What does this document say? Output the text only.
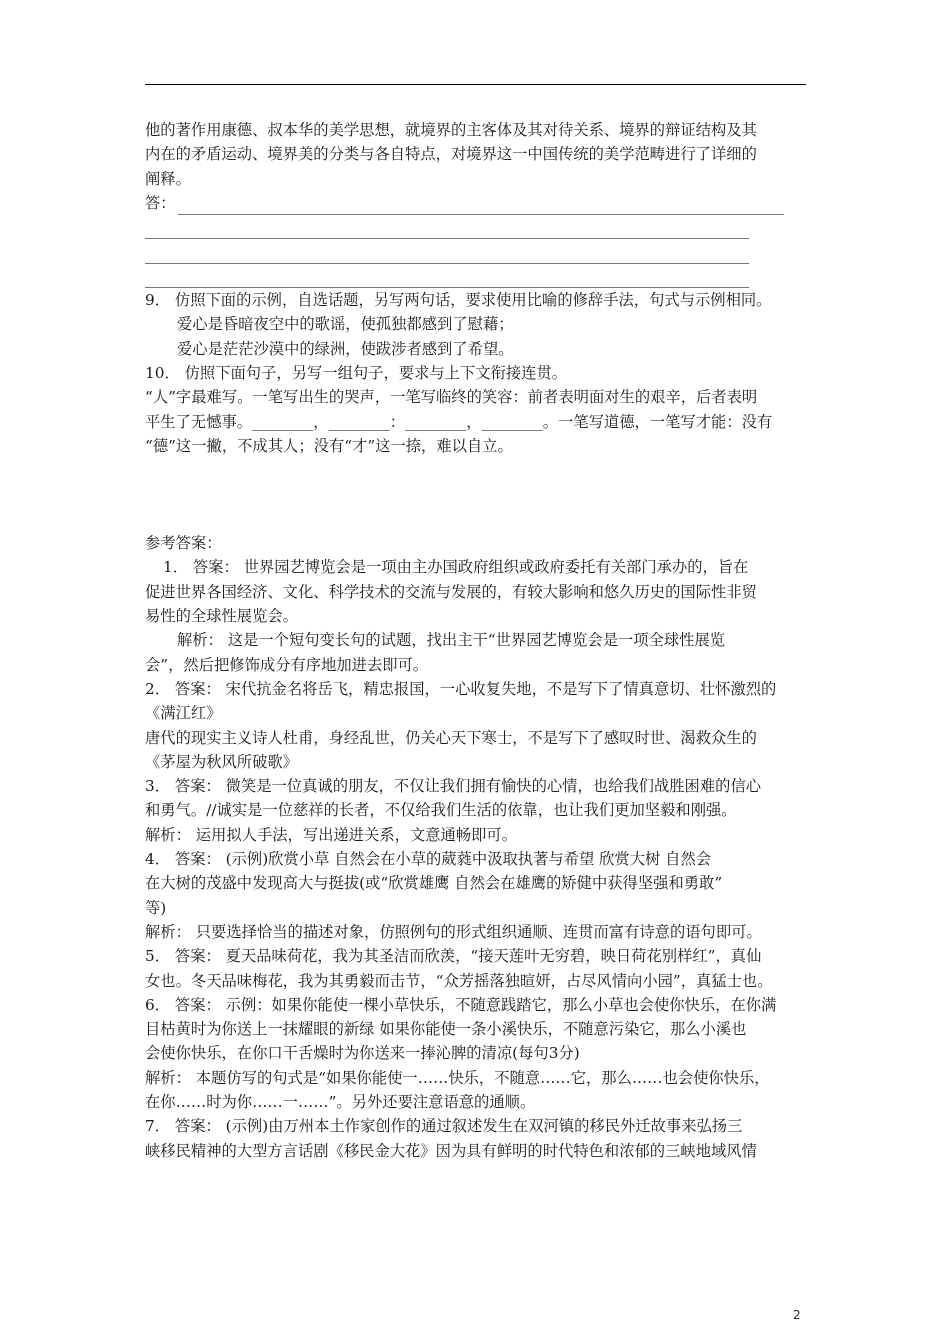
他的著作用康德、叔本华的美学思想，就境界的主客体及其对待关系、境界的辩证结构及其

内在的矛盾运动、境界美的分类与各自特点，对境界这一中国传统的美学范畴进行了详细的

阐释。

答：

9． 仿照下面的示例，自选话题，另写两句话，要求使用比喻的修辞手法，句式与示例相同。

爱心是昏暗夜空中的歌谣，使孤独都感到了慰藉；

爱心是茫茫沙漠中的绿洲，使跋涉者感到了希望。

10． 仿照下面句子，另写一组句子，要求与上下文衔接连贯。

“人”字最难写。一笔写出生的哭声，一笔写临终的笑容：前者表明面对生的艰辛，后者表明

平生了无憾事。________，________：________，________。一笔写道德，一笔写才能：没有

“德”这一撇，不成其人；没有“才”这一捺，难以自立。

参考答案：

1． 答案： 世界园艺博览会是一项由主办国政府组织或政府委托有关部门承办的，旨在

促进世界各国经济、文化、科学技术的交流与发展的，有较大影响和悠久历史的国际性非贸

易性的全球性展览会。

解析： 这是一个短句变长句的试题，找出主干“世界园艺博览会是一项全球性展览

会”，然后把修饰成分有序地加进去即可。

2． 答案： 宋代抗金名将岳飞，精忠报国，一心收复失地，不是写下了情真意切、壮怀激烈的

《满江红》

唐代的现实主义诗人杜甫，身经乱世，仍关心天下寒士，不是写下了感叹时世、渴救众生的

《茅屋为秋风所破歌》

3． 答案： 微笑是一位真诚的朋友，不仅让我们拥有愉快的心情，也给我们战胜困难的信心

和勇气。//诚实是一位慈祥的长者，不仅给我们生活的依靠，也让我们更加坚毅和刚强。

解析： 运用拟人手法，写出递进关系，文意通畅即可。

4． 答案： (示例)欣赏小草 自然会在小草的葳蕤中汲取执著与希望 欣赏大树 自然会

在大树的茂盛中发现高大与挺拔(或“欣赏雄鹰 自然会在雄鹰的矫健中获得坚强和勇敢”

等)

解析： 只要选择恰当的描述对象，仿照例句的形式组织通顺、连贯而富有诗意的语句即可。

5． 答案： 夏天品味荷花，我为其圣洁而欣羡，“接天莲叶无穷碧，映日荷花别样红”，真仙

女也。冬天品味梅花，我为其勇毅而击节，“众芳摇落独暄妍，占尽风情向小园”，真猛士也。

6． 答案： 示例：如果你能使一棵小草快乐，不随意践踏它，那么小草也会使你快乐，在你满

目枯黄时为你送上一抹耀眼的新绿 如果你能使一条小溪快乐，不随意污染它，那么小溪也

会使你快乐，在你口干舌燥时为你送来一捧沁脾的清凉(每句3分)

解析： 本题仿写的句式是“如果你能使一……快乐，不随意……它，那么……也会使你快乐，

在你……时为你……一……”。另外还要注意语意的通顺。

7． 答案： (示例)由万州本土作家创作的通过叙述发生在双河镇的移民外迁故事来弘扬三

峡移民精神的大型方言话剧《移民金大花》因为具有鲜明的时代特色和浓郁的三峡地域风情

2
